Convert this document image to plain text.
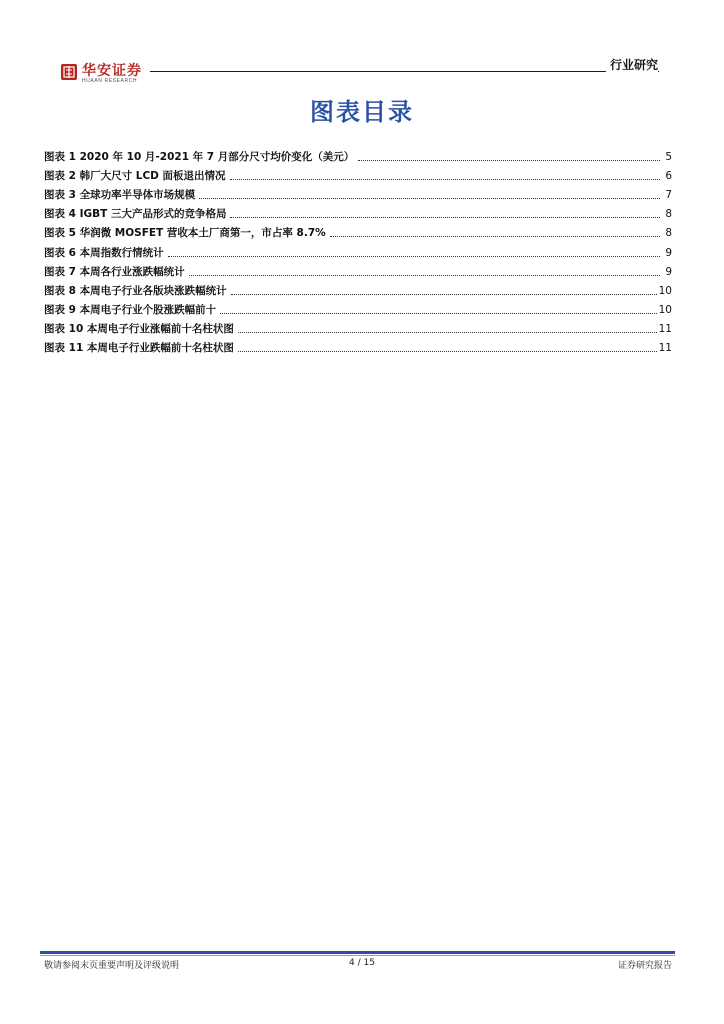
华安证券
HUAAN RESEARCH
行业研究
图表目录
图表 1 2020 年 10 月-2021 年 7 月部分尺寸均价变化（美元）	5
图表 2 韩厂大尺寸 LCD 面板退出情况	6
图表 3 全球功率半导体市场规模	7
图表 4 IGBT 三大产品形式的竞争格局	8
图表 5 华润微 MOSFET 营收本土厂商第一，市占率 8.7%	8
图表 6 本周指数行情统计	9
图表 7 本周各行业涨跌幅统计	9
图表 8 本周电子行业各版块涨跌幅统计	10
图表 9 本周电子行业个股涨跌幅前十	10
图表 10 本周电子行业涨幅前十名柱状图	11
图表 11 本周电子行业跌幅前十名柱状图	11
敬请参阅末页重要声明及评级说明	4 / 15	证券研究报告
